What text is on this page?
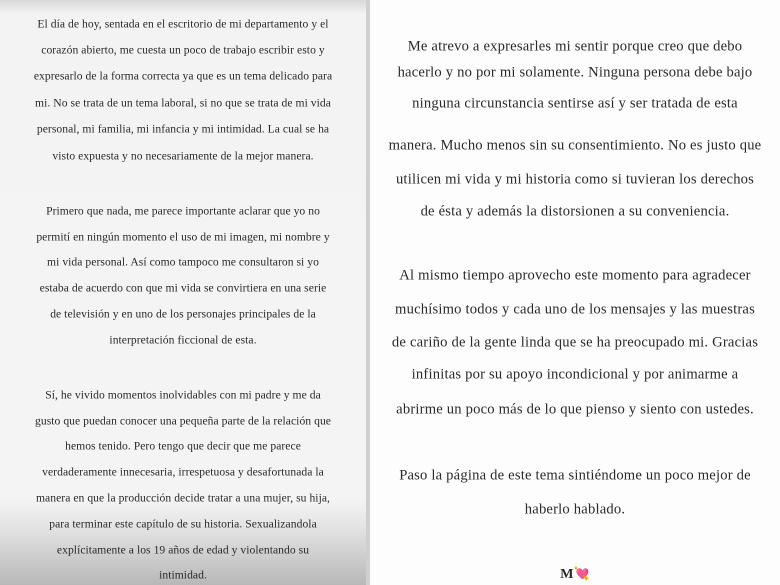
El día de hoy, sentada en el escritorio de mi departamento y el
corazón abierto, me cuesta un poco de trabajo escribir esto y
expresarlo de la forma correcta ya que es un tema delicado para
mi. No se trata de un tema laboral, si no que se trata de mi vida
personal, mi familia, mi infancia y mi intimidad. La cual se ha
visto expuesta y no necesariamente de la mejor manera.
Primero que nada, me parece importante aclarar que yo no
permití en ningún momento el uso de mi imagen, mi nombre y
mi vida personal. Así como tampoco me consultaron si yo
estaba de acuerdo con que mi vida se convirtiera en una serie
de televisión y en uno de los personajes principales de la
interpretación ficcional de esta.
Sí, he vivido momentos inolvidables con mi padre y me da
gusto que puedan conocer una pequeña parte de la relación que
hemos tenido. Pero tengo que decir que me parece
verdaderamente innecesaria, irrespetuosa y desafortunada la
manera en que la producción decide tratar a una mujer, su hija,
para terminar este capítulo de su historia. Sexualizandola
explícitamente a los 19 años de edad y violentando su
intimidad.	M💘
Me atrevo a expresarles mi sentir porque creo que debo
hacerlo y no por mi solamente. Ninguna persona debe bajo
ninguna circunstancia sentirse así y ser tratada de esta
manera. Mucho menos sin su consentimiento. No es justo que
utilicen mi vida y mi historia como si tuvieran los derechos
de ésta y además la distorsionen a su conveniencia.
Al mismo tiempo aprovecho este momento para agradecer
muchísimo todos y cada uno de los mensajes y las muestras
de cariño de la gente linda que se ha preocupado mi. Gracias
infinitas por su apoyo incondicional y por animarme a
abrirme un poco más de lo que pienso y siento con ustedes.
Paso la página de este tema sintiéndome un poco mejor de
haberlo hablado.
